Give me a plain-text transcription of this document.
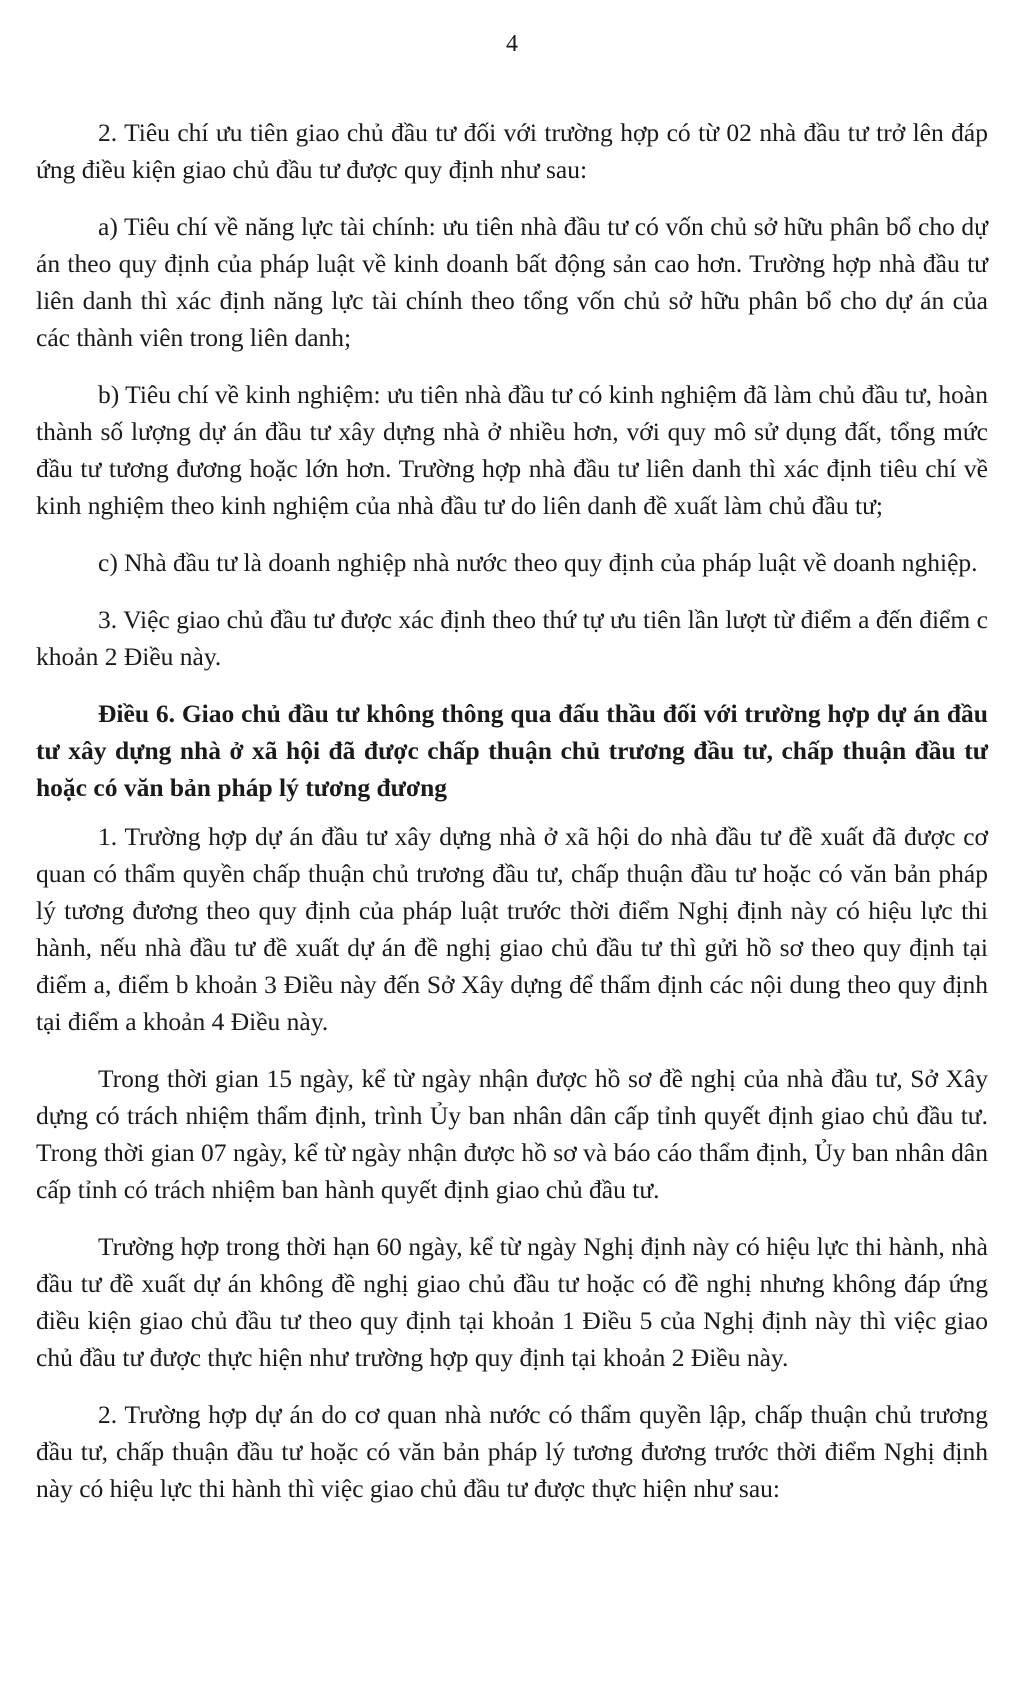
4

2. Tiêu chí ưu tiên giao chủ đầu tư đối với trường hợp có từ 02 nhà đầu tư trở lên đáp ứng điều kiện giao chủ đầu tư được quy định như sau:

a) Tiêu chí về năng lực tài chính: ưu tiên nhà đầu tư có vốn chủ sở hữu phân bổ cho dự án theo quy định của pháp luật về kinh doanh bất động sản cao hơn. Trường hợp nhà đầu tư liên danh thì xác định năng lực tài chính theo tổng vốn chủ sở hữu phân bổ cho dự án của các thành viên trong liên danh;

b) Tiêu chí về kinh nghiệm: ưu tiên nhà đầu tư có kinh nghiệm đã làm chủ đầu tư, hoàn thành số lượng dự án đầu tư xây dựng nhà ở nhiều hơn, với quy mô sử dụng đất, tổng mức đầu tư tương đương hoặc lớn hơn. Trường hợp nhà đầu tư liên danh thì xác định tiêu chí về kinh nghiệm theo kinh nghiệm của nhà đầu tư do liên danh đề xuất làm chủ đầu tư;

c) Nhà đầu tư là doanh nghiệp nhà nước theo quy định của pháp luật về doanh nghiệp.

3. Việc giao chủ đầu tư được xác định theo thứ tự ưu tiên lần lượt từ điểm a đến điểm c khoản 2 Điều này.

Điều 6. Giao chủ đầu tư không thông qua đấu thầu đối với trường hợp dự án đầu tư xây dựng nhà ở xã hội đã được chấp thuận chủ trương đầu tư, chấp thuận đầu tư hoặc có văn bản pháp lý tương đương

1. Trường hợp dự án đầu tư xây dựng nhà ở xã hội do nhà đầu tư đề xuất đã được cơ quan có thẩm quyền chấp thuận chủ trương đầu tư, chấp thuận đầu tư hoặc có văn bản pháp lý tương đương theo quy định của pháp luật trước thời điểm Nghị định này có hiệu lực thi hành, nếu nhà đầu tư đề xuất dự án đề nghị giao chủ đầu tư thì gửi hồ sơ theo quy định tại điểm a, điểm b khoản 3 Điều này đến Sở Xây dựng để thẩm định các nội dung theo quy định tại điểm a khoản 4 Điều này.

Trong thời gian 15 ngày, kể từ ngày nhận được hồ sơ đề nghị của nhà đầu tư, Sở Xây dựng có trách nhiệm thẩm định, trình Ủy ban nhân dân cấp tỉnh quyết định giao chủ đầu tư. Trong thời gian 07 ngày, kể từ ngày nhận được hồ sơ và báo cáo thẩm định, Ủy ban nhân dân cấp tỉnh có trách nhiệm ban hành quyết định giao chủ đầu tư.

Trường hợp trong thời hạn 60 ngày, kể từ ngày Nghị định này có hiệu lực thi hành, nhà đầu tư đề xuất dự án không đề nghị giao chủ đầu tư hoặc có đề nghị nhưng không đáp ứng điều kiện giao chủ đầu tư theo quy định tại khoản 1 Điều 5 của Nghị định này thì việc giao chủ đầu tư được thực hiện như trường hợp quy định tại khoản 2 Điều này.

2. Trường hợp dự án do cơ quan nhà nước có thẩm quyền lập, chấp thuận chủ trương đầu tư, chấp thuận đầu tư hoặc có văn bản pháp lý tương đương trước thời điểm Nghị định này có hiệu lực thi hành thì việc giao chủ đầu tư được thực hiện như sau:
